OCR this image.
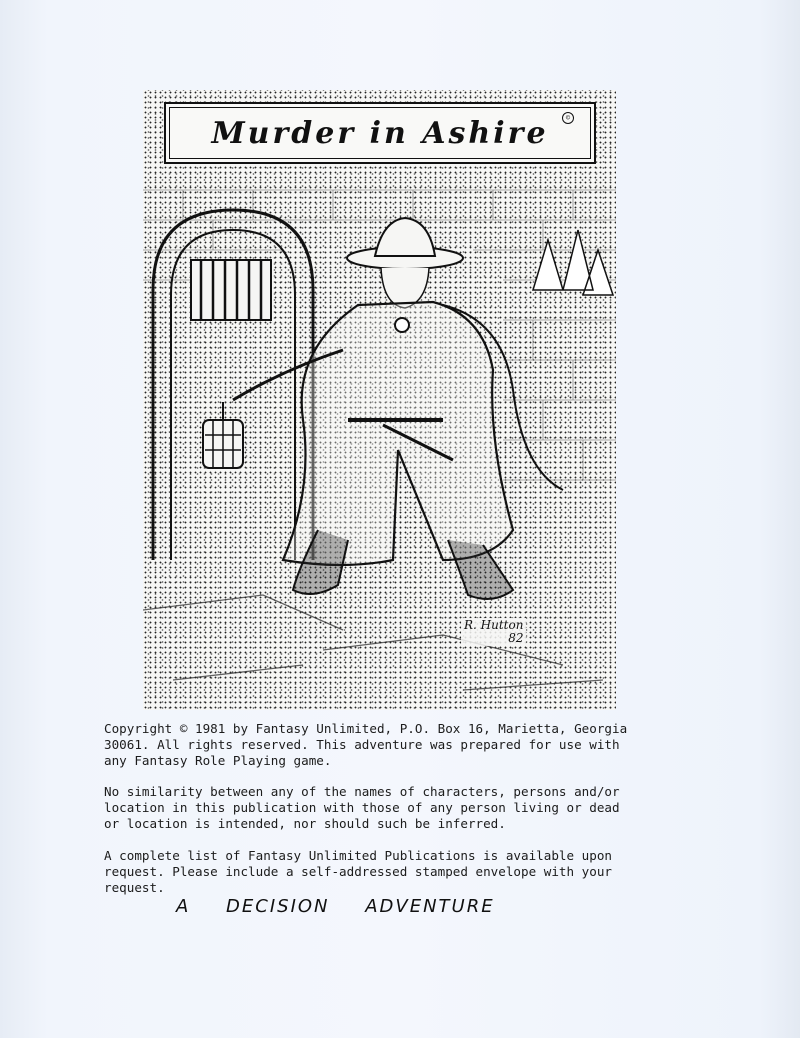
Murder in Ashire	©
R. Hutton
82

Copyright © 1981 by Fantasy Unlimited, P.O. Box 16, Marietta, Georgia
30061. All rights reserved. This adventure was prepared for use with
any Fantasy Role Playing game.

No similarity between any of the names of characters, persons and/or
location in this publication with those of any person living or dead
or location is intended, nor should such be inferred.

A complete list of Fantasy Unlimited Publications is available upon
request. Please include a self-addressed stamped envelope with your
request.

A DECISION ADVENTURE
